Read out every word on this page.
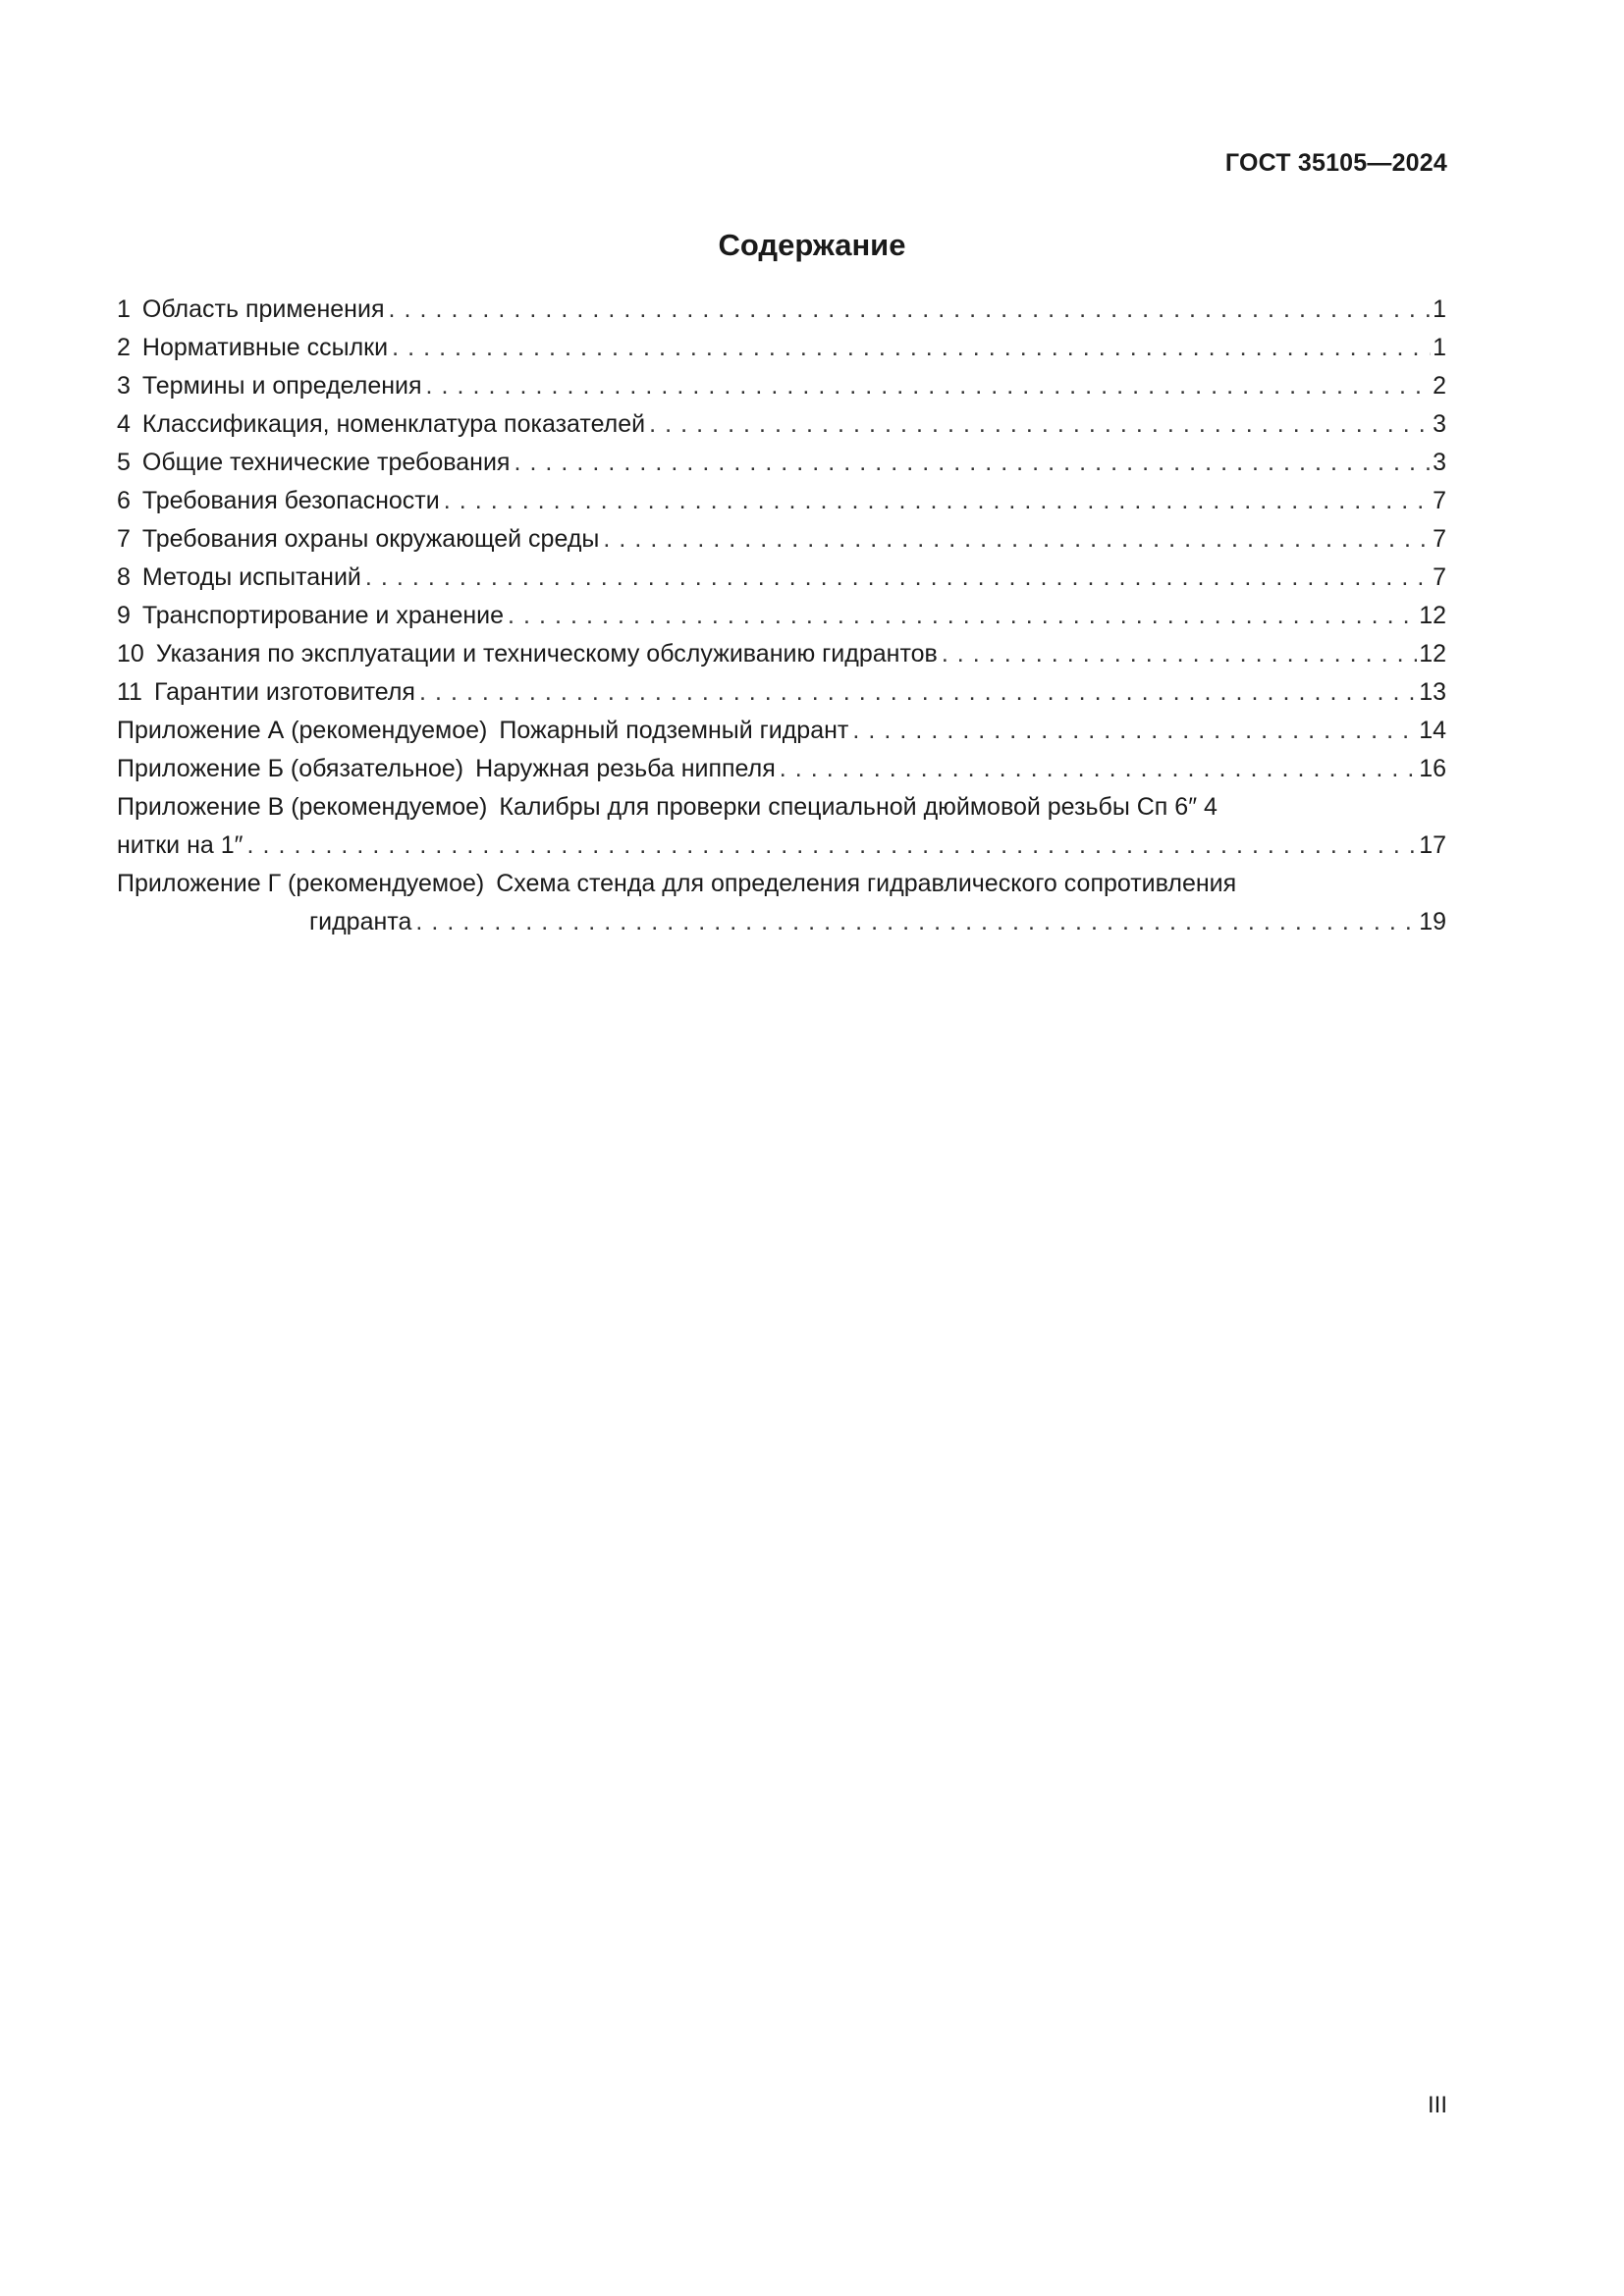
ГОСТ 35105—2024
Содержание
1 Область применения . . .	1
2 Нормативные ссылки . . .	1
3 Термины и определения . . .	2
4 Классификация, номенклатура показателей . . .	3
5 Общие технические требования . . .	3
6 Требования безопасности . . .	7
7 Требования охраны окружающей среды . . .	7
8 Методы испытаний . . .	7
9 Транспортирование и хранение . . .	12
10 Указания по эксплуатации и техническому обслуживанию гидрантов . . .	12
11 Гарантии изготовителя . . .	13
Приложение А (рекомендуемое) Пожарный подземный гидрант . . .	14
Приложение Б (обязательное) Наружная резьба ниппеля . . .	16
Приложение В (рекомендуемое) Калибры для проверки специальной дюймовой резьбы Сп 6″ 4
нитки на 1″ . . .	17
Приложение Г (рекомендуемое) Схема стенда для определения гидравлического сопротивления
гидранта . . .	19
III
